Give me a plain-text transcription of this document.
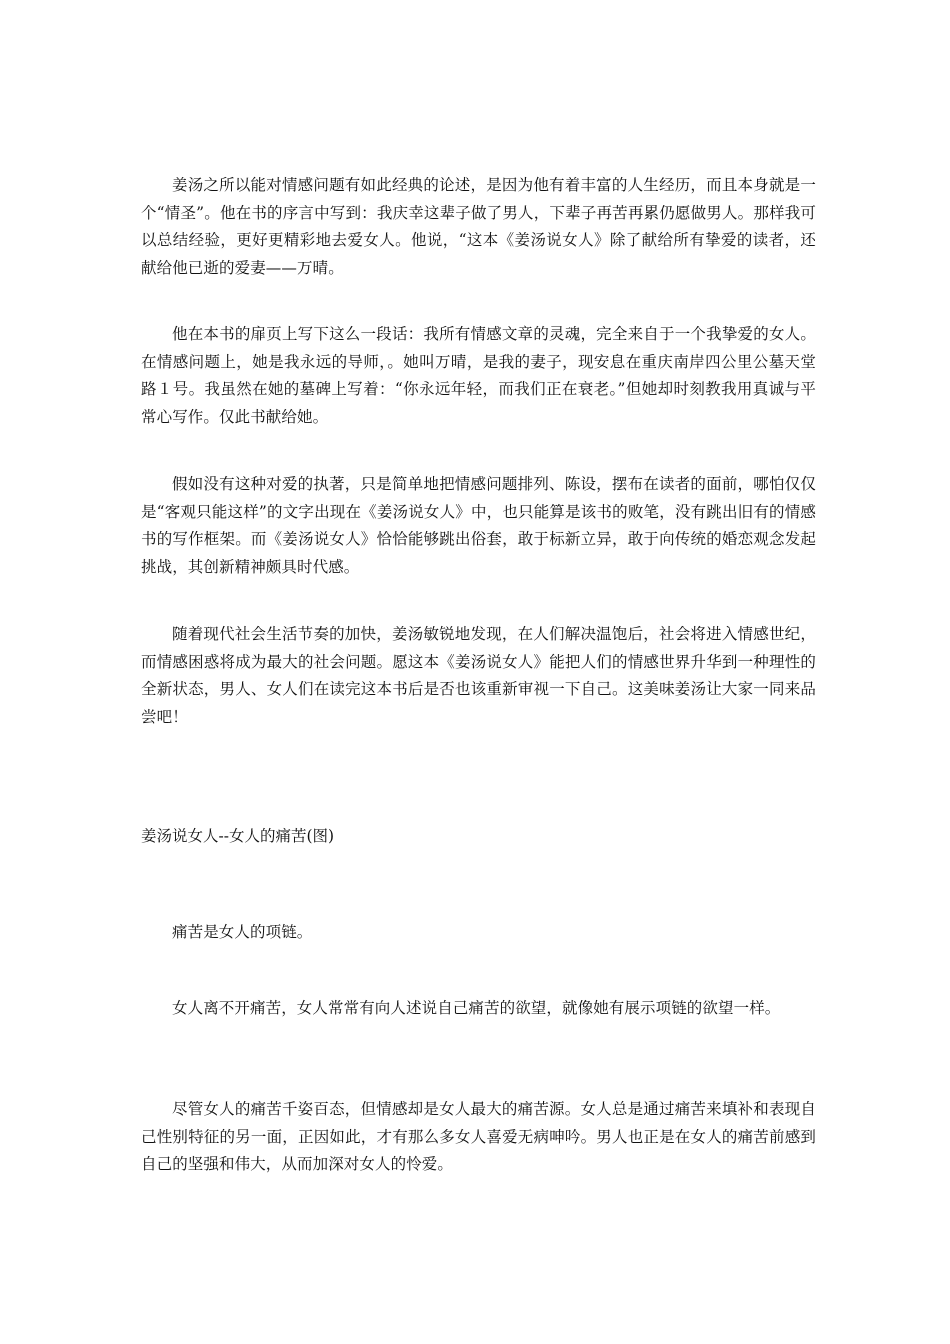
姜汤之所以能对情感问题有如此经典的论述，是因为他有着丰富的人生经历，而且本身就是一个“情圣”。他在书的序言中写到：我庆幸这辈子做了男人，下辈子再苦再累仍愿做男人。那样我可以总结经验，更好更精彩地去爱女人。他说，“这本《姜汤说女人》除了献给所有挚爱的读者，还献给他已逝的爱妻——万晴。

他在本书的扉页上写下这么一段话：我所有情感文章的灵魂，完全来自于一个我挚爱的女人。在情感问题上，她是我永远的导师，。她叫万晴，是我的妻子，现安息在重庆南岸四公里公墓天堂路１号。我虽然在她的墓碑上写着：“你永远年轻，而我们正在衰老。”但她却时刻教我用真诚与平常心写作。仅此书献给她。

假如没有这种对爱的执著，只是简单地把情感问题排列、陈设，摆布在读者的面前，哪怕仅仅是“客观只能这样”的文字出现在《姜汤说女人》中，也只能算是该书的败笔，没有跳出旧有的情感书的写作框架。而《姜汤说女人》恰恰能够跳出俗套，敢于标新立异，敢于向传统的婚恋观念发起挑战，其创新精神颇具时代感。

随着现代社会生活节奏的加快，姜汤敏锐地发现，在人们解决温饱后，社会将进入情感世纪，而情感困惑将成为最大的社会问题。愿这本《姜汤说女人》能把人们的情感世界升华到一种理性的全新状态，男人、女人们在读完这本书后是否也该重新审视一下自己。这美味姜汤让大家一同来品尝吧！

姜汤说女人--女人的痛苦(图)

痛苦是女人的项链。

女人离不开痛苦，女人常常有向人述说自己痛苦的欲望，就像她有展示项链的欲望一样。

尽管女人的痛苦千姿百态，但情感却是女人最大的痛苦源。女人总是通过痛苦来填补和表现自己性别特征的另一面，正因如此，才有那么多女人喜爱无病呻吟。男人也正是在女人的痛苦前感到自己的坚强和伟大，从而加深对女人的怜爱。
